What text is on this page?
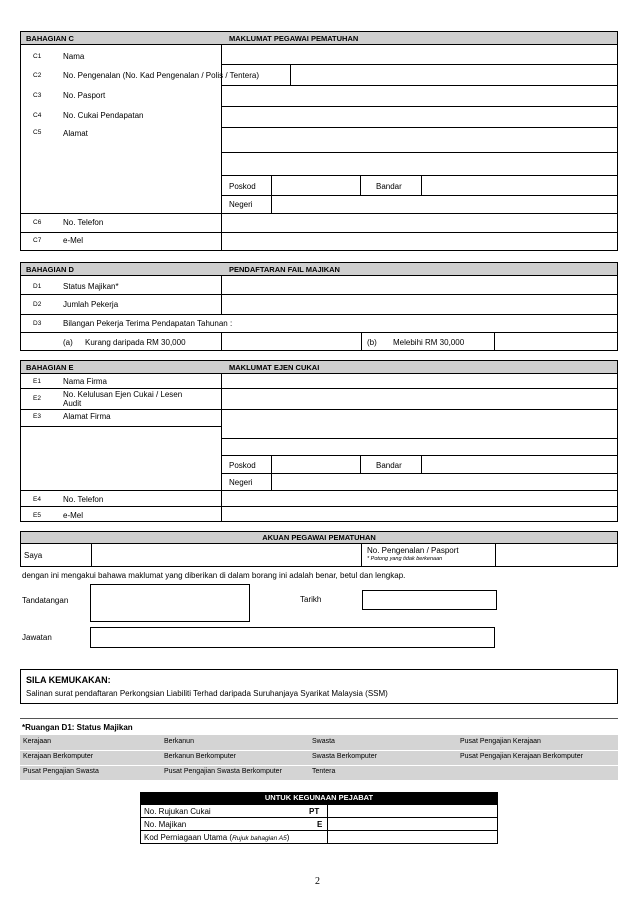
BAHAGIAN C	MAKLUMAT PEGAWAI PEMATUHAN
C1	Nama
C2	No. Pengenalan (No. Kad Pengenalan / Polis / Tentera)
C3	No. Pasport
C4	No. Cukai Pendapatan
C5	Alamat
Poskod	Bandar
Negeri
C6	No. Telefon
C7	e-Mel
BAHAGIAN D	PENDAFTARAN FAIL MAJIKAN
D1	Status Majikan*
D2	Jumlah Pekerja
D3	Bilangan Pekerja Terima Pendapatan Tahunan :
(a) Kurang daripada RM 30,000	(b) Melebihi RM 30,000
BAHAGIAN E	MAKLUMAT EJEN CUKAI
E1	Nama Firma
E2	No. Kelulusan Ejen Cukai / Lesen
Audit
E3	Alamat Firma
Poskod	Bandar
Negeri
E4	No. Telefon
E5	e-Mel
AKUAN PEGAWAI PEMATUHAN
Saya
No. Pengenalan / Pasport
* Potong yang tidak berkenaan
dengan ini mengakui bahawa maklumat yang diberikan di dalam borang ini adalah benar, betul dan lengkap.
Tandatangan	Tarikh
Jawatan
SILA KEMUKAKAN:
Salinan surat pendaftaran Perkongsian Liabiliti Terhad daripada Suruhanjaya Syarikat Malaysia (SSM)
*Ruangan D1: Status Majikan
Kerajaan	Berkanun	Swasta	Pusat Pengajian Kerajaan
Kerajaan Berkomputer	Berkanun Berkomputer	Swasta Berkomputer	Pusat Pengajian Kerajaan Berkomputer
Pusat Pengajian Swasta	Pusat Pengajian Swasta Berkomputer	Tentera
UNTUK KEGUNAAN PEJABAT
No. Rujukan Cukai	PT
No. Majikan	E
Kod Perniagaan Utama (Rujuk bahagian A5)
2
